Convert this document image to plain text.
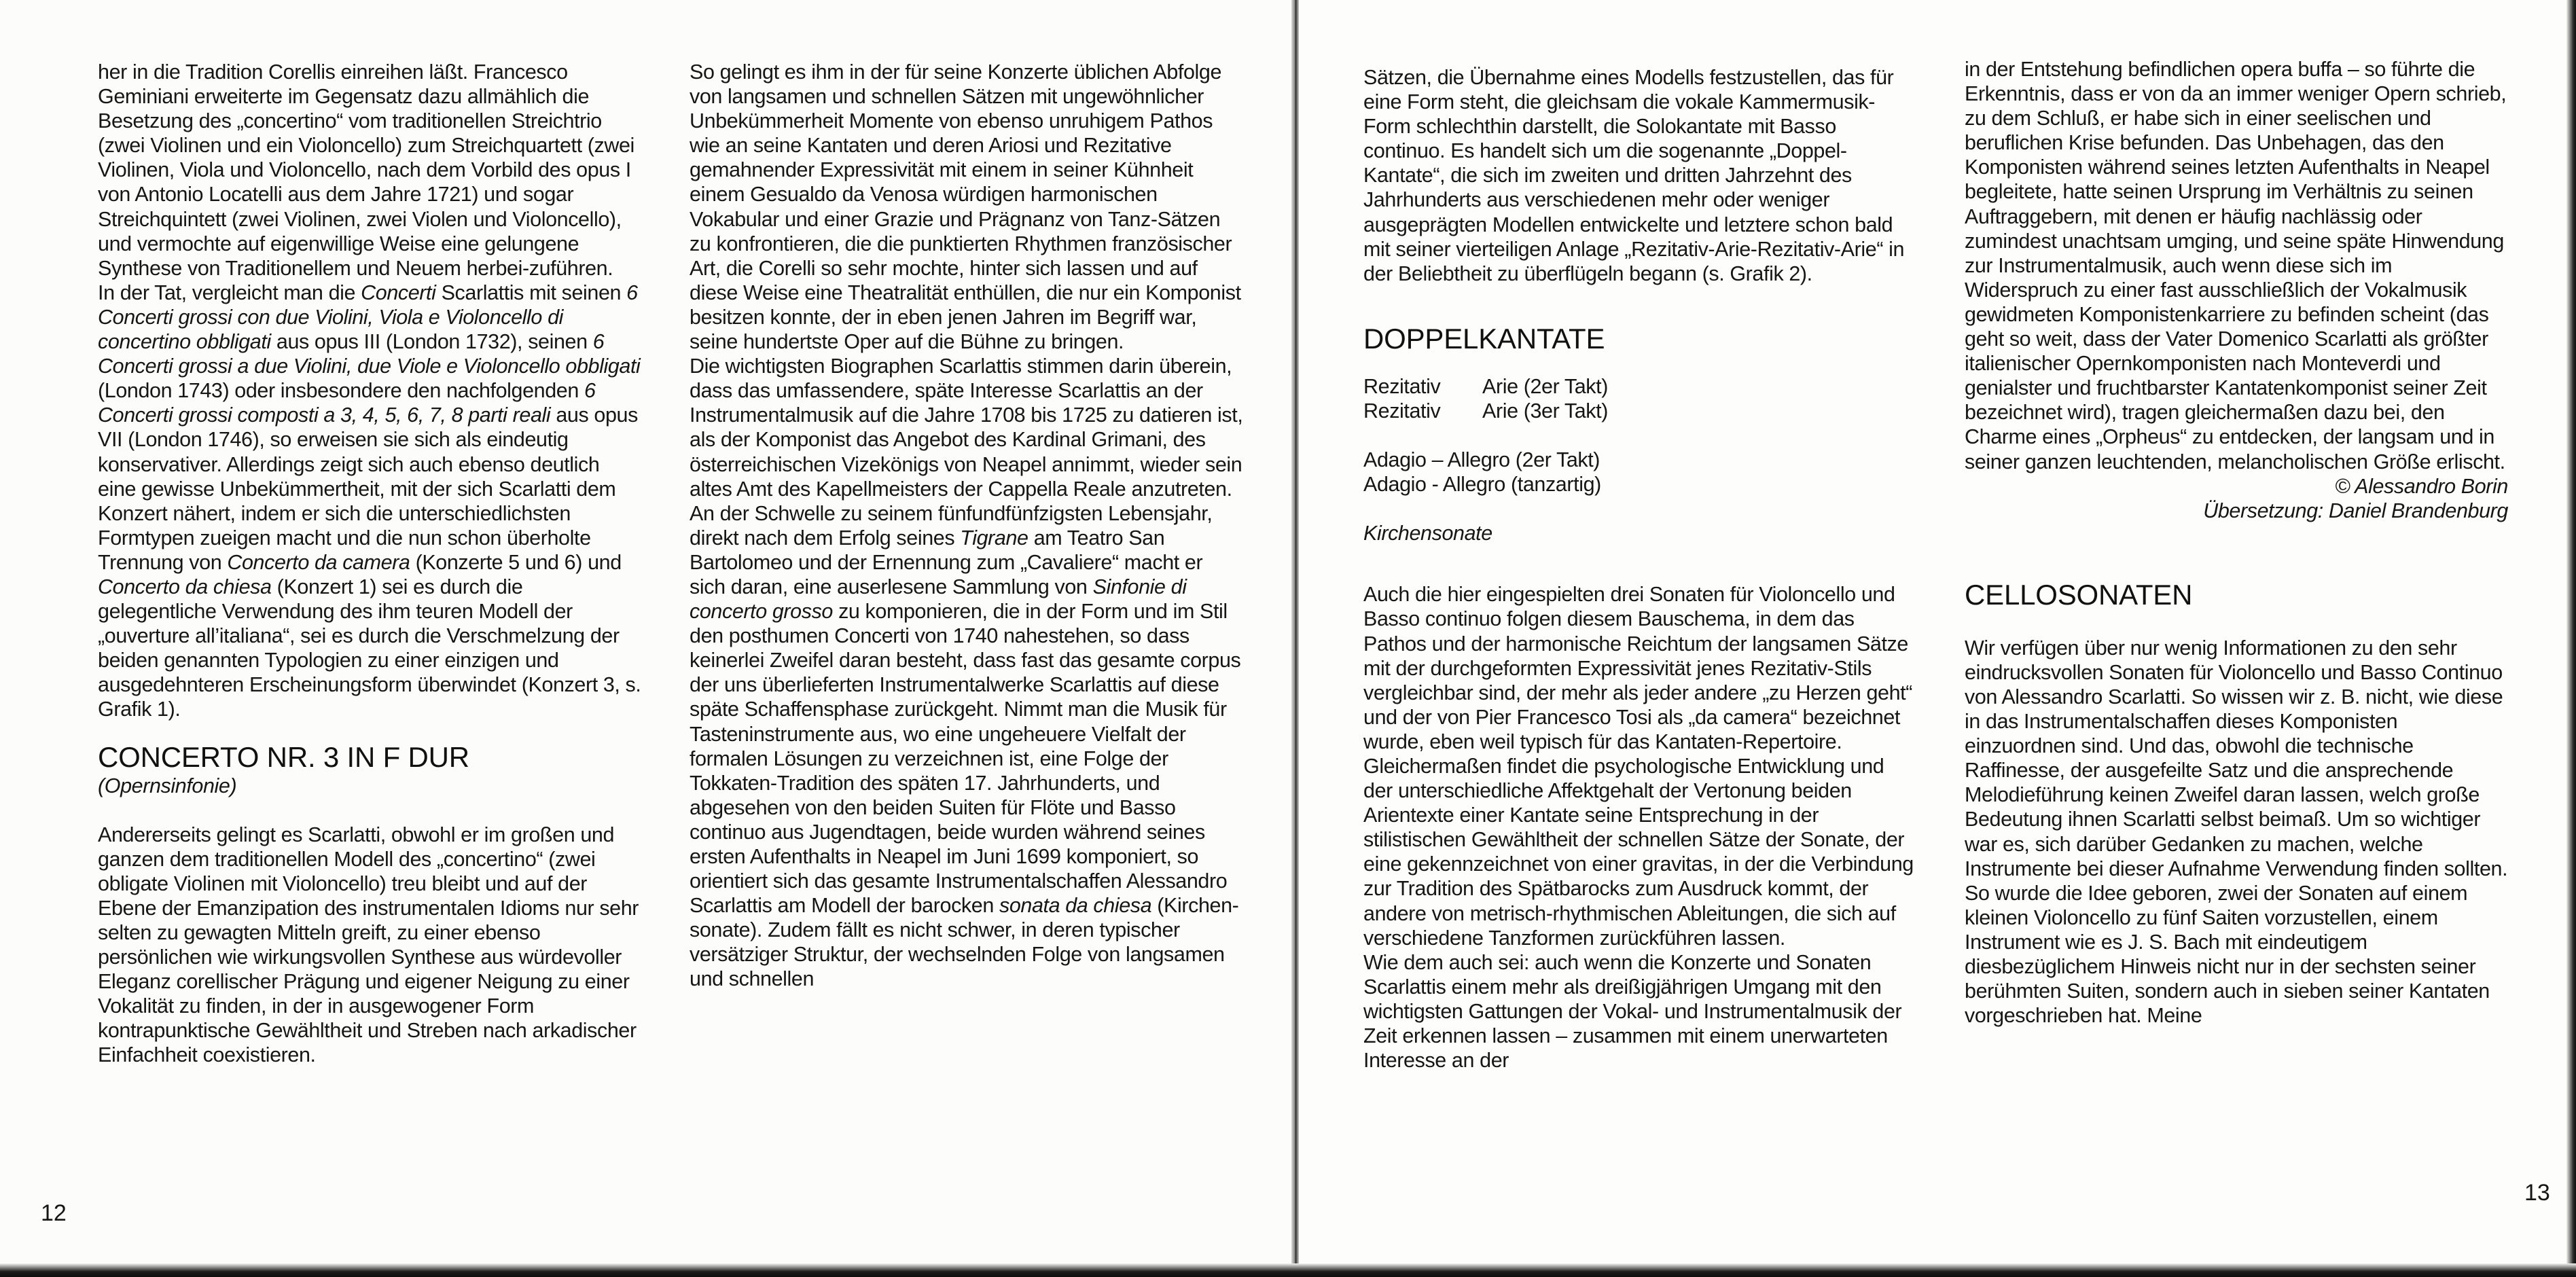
her in die Tradition Corellis einreihen läßt. Francesco Geminiani erweiterte im Gegensatz dazu allmählich die Besetzung des „concertino“ vom traditionellen Streichtrio (zwei Violinen und ein Violoncello) zum Streichquartett (zwei Violinen, Viola und Violoncello, nach dem Vorbild des opus I von Antonio Locatelli aus dem Jahre 1721) und sogar Streichquintett (zwei Violinen, zwei Violen und Violoncello), und vermochte auf eigenwillige Weise eine gelungene Synthese von Traditionellem und Neuem herbei-zuführen.

In der Tat, vergleicht man die Concerti Scarlattis mit seinen 6 Concerti grossi con due Violini, Viola e Violoncello di concertino obbligati aus opus III (London 1732), seinen 6 Concerti grossi a due Violini, due Viole e Violoncello obbligati (London 1743) oder insbesondere den nachfolgenden 6 Concerti grossi composti a 3, 4, 5, 6, 7, 8 parti reali aus opus VII (London 1746), so erweisen sie sich als eindeutig konservativer. Allerdings zeigt sich auch ebenso deutlich eine gewisse Unbekümmertheit, mit der sich Scarlatti dem Konzert nähert, indem er sich die unterschiedlichsten Formtypen zueigen macht und die nun schon überholte Trennung von Concerto da camera (Konzerte 5 und 6) und Concerto da chiesa (Konzert 1) sei es durch die gelegentliche Verwendung des ihm teuren Modell der „ouverture all’italiana“, sei es durch die Verschmelzung der beiden genannten Typologien zu einer einzigen und ausgedehnteren Erscheinungsform überwindet (Konzert 3, s. Grafik 1).

CONCERTO NR. 3 IN F DUR

(Opernsinfonie)

Andererseits gelingt es Scarlatti, obwohl er im großen und ganzen dem traditionellen Modell des „concertino“ (zwei obligate Violinen mit Violoncello) treu bleibt und auf der Ebene der Emanzipation des instrumentalen Idioms nur sehr selten zu gewagten Mitteln greift, zu einer ebenso persönlichen wie wirkungsvollen Synthese aus würdevoller Eleganz corellischer Prägung und eigener Neigung zu einer Vokalität zu finden, in der in ausgewogener Form kontrapunktische Gewähltheit und Streben nach arkadischer Einfachheit coexistieren.

So gelingt es ihm in der für seine Konzerte üblichen Abfolge von langsamen und schnellen Sätzen mit ungewöhnlicher Unbekümmerheit Momente von ebenso unruhigem Pathos wie an seine Kantaten und deren Ariosi und Rezitative gemahnender Expressivität mit einem in seiner Kühnheit einem Gesualdo da Venosa würdigen harmonischen Vokabular und einer Grazie und Prägnanz von Tanz-Sätzen zu konfrontieren, die die punktierten Rhythmen französischer Art, die Corelli so sehr mochte, hinter sich lassen und auf diese Weise eine Theatralität enthüllen, die nur ein Komponist besitzen konnte, der in eben jenen Jahren im Begriff war, seine hundertste Oper auf die Bühne zu bringen.

Die wichtigsten Biographen Scarlattis stimmen darin überein, dass das umfassendere, späte Interesse Scarlattis an der Instrumentalmusik auf die Jahre 1708 bis 1725 zu datieren ist, als der Komponist das Angebot des Kardinal Grimani, des österreichischen Vizekönigs von Neapel annimmt, wieder sein altes Amt des Kapellmeisters der Cappella Reale anzutreten. An der Schwelle zu seinem fünfundfünfzigsten Lebensjahr, direkt nach dem Erfolg seines Tigrane am Teatro San Bartolomeo und der Ernennung zum „Cavaliere“ macht er sich daran, eine auserlesene Sammlung von Sinfonie di concerto grosso zu komponieren, die in der Form und im Stil den posthumen Concerti von 1740 nahestehen, so dass keinerlei Zweifel daran besteht, dass fast das gesamte corpus der uns überlieferten Instrumentalwerke Scarlattis auf diese späte Schaffensphase zurückgeht. Nimmt man die Musik für Tasteninstrumente aus, wo eine ungeheuere Vielfalt der formalen Lösungen zu verzeichnen ist, eine Folge der Tokkaten-Tradition des späten 17. Jahrhunderts, und abgesehen von den beiden Suiten für Flöte und Basso continuo aus Jugendtagen, beide wurden während seines ersten Aufenthalts in Neapel im Juni 1699 komponiert, so orientiert sich das gesamte Instrumentalschaffen Alessandro Scarlattis am Modell der barocken sonata da chiesa (Kirchen-sonate). Zudem fällt es nicht schwer, in deren typischer versätziger Struktur, der wechselnden Folge von langsamen und schnellen

12

Sätzen, die Übernahme eines Modells festzustellen, das für eine Form steht, die gleichsam die vokale Kammermusik-Form schlechthin darstellt, die Solokantate mit Basso continuo. Es handelt sich um die sogenannte „Doppel-Kantate“, die sich im zweiten und dritten Jahrzehnt des Jahrhunderts aus verschiedenen mehr oder weniger ausgeprägten Modellen entwickelte und letztere schon bald mit seiner vierteiligen Anlage „Rezitativ-Arie-Rezitativ-Arie“ in der Beliebtheit zu überflügeln begann (s. Grafik 2).

DOPPELKANTATE
Rezitativ	Arie (2er Takt)
Rezitativ	Arie (3er Takt)

Adagio – Allegro (2er Takt)

Adagio - Allegro (tanzartig)

Kirchensonate

Auch die hier eingespielten drei Sonaten für Violoncello und Basso continuo folgen diesem Bauschema, in dem das Pathos und der harmonische Reichtum der langsamen Sätze mit der durchgeformten Expressivität jenes Rezitativ-Stils vergleichbar sind, der mehr als jeder andere „zu Herzen geht“ und der von Pier Francesco Tosi als „da camera“ bezeichnet wurde, eben weil typisch für das Kantaten-Repertoire. Gleichermaßen findet die psychologische Entwicklung und der unterschiedliche Affektgehalt der Vertonung beiden Arientexte einer Kantate seine Entsprechung in der stilistischen Gewähltheit der schnellen Sätze der Sonate, der eine gekennzeichnet von einer gravitas, in der die Verbindung zur Tradition des Spätbarocks zum Ausdruck kommt, der andere von metrisch-rhythmischen Ableitungen, die sich auf verschiedene Tanzformen zurückführen lassen.

Wie dem auch sei: auch wenn die Konzerte und Sonaten Scarlattis einem mehr als dreißigjährigen Umgang mit den wichtigsten Gattungen der Vokal- und Instrumentalmusik der Zeit erkennen lassen – zusammen mit einem unerwarteten Interesse an der

in der Entstehung befindlichen opera buffa – so führte die Erkenntnis, dass er von da an immer weniger Opern schrieb, zu dem Schluß, er habe sich in einer seelischen und beruflichen Krise befunden. Das Unbehagen, das den Komponisten während seines letzten Aufenthalts in Neapel begleitete, hatte seinen Ursprung im Verhältnis zu seinen Auftraggebern, mit denen er häufig nachlässig oder zumindest unachtsam umging, und seine späte Hinwendung zur Instrumentalmusik, auch wenn diese sich im Widerspruch zu einer fast ausschließlich der Vokalmusik gewidmeten Komponistenkarriere zu befinden scheint (das geht so weit, dass der Vater Domenico Scarlatti als größter italienischer Opernkomponisten nach Monteverdi und genialster und fruchtbarster Kantatenkomponist seiner Zeit bezeichnet wird), tragen gleichermaßen dazu bei, den Charme eines „Orpheus“ zu entdecken, der langsam und in seiner ganzen leuchtenden, melancholischen Größe erlischt.

© Alessandro Borin

Übersetzung: Daniel Brandenburg

CELLOSONATEN

Wir verfügen über nur wenig Informationen zu den sehr eindrucksvollen Sonaten für Violoncello und Basso Continuo von Alessandro Scarlatti. So wissen wir z. B. nicht, wie diese in das Instrumentalschaffen dieses Komponisten einzuordnen sind. Und das, obwohl die technische Raffinesse, der ausgefeilte Satz und die ansprechende Melodieführung keinen Zweifel daran lassen, welch große Bedeutung ihnen Scarlatti selbst beimaß. Um so wichtiger war es, sich darüber Gedanken zu machen, welche Instrumente bei dieser Aufnahme Verwendung finden sollten. So wurde die Idee geboren, zwei der Sonaten auf einem kleinen Violoncello zu fünf Saiten vorzustellen, einem Instrument wie es J. S. Bach mit eindeutigem diesbezüglichem Hinweis nicht nur in der sechsten seiner berühmten Suiten, sondern auch in sieben seiner Kantaten vorgeschrieben hat. Meine

13
